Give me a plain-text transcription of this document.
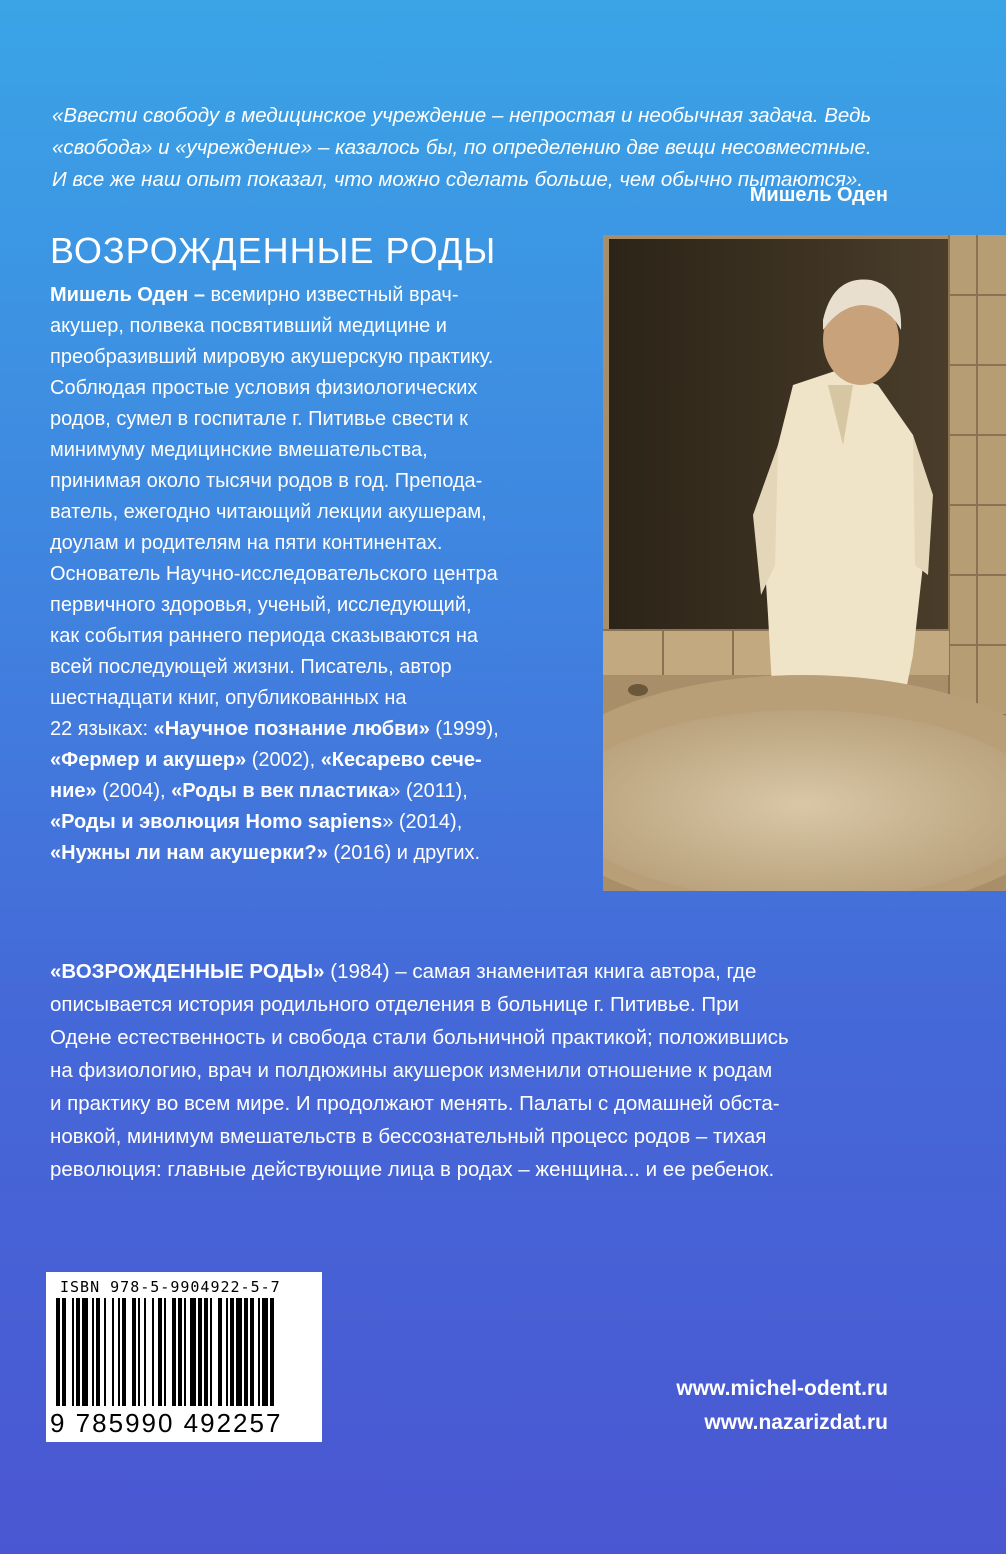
«Ввести свободу в медицинское учреждение – непростая и необычная задача. Ведь
«свобода» и «учреждение» – казалось бы, по определению две вещи несовместные.
И все же наш опыт показал, что можно сделать больше, чем обычно пытаются».
Мишель Оден
ВОЗРОЖДЕННЫЕ РОДЫ
Мишель Оден – всемирно известный врач-
акушер, полвека посвятивший медицине и
преобразивший мировую акушерскую практику.
Соблюдая простые условия физиологических
родов, сумел в госпитале г. Питивье свести к
минимуму медицинские вмешательства,
принимая около тысячи родов в год. Препода-
ватель, ежегодно читающий лекции акушерам,
доулам и родителям на пяти континентах.
Основатель Научно-исследовательского центра
первичного здоровья, ученый, исследующий,
как события раннего периода сказываются на
всей последующей жизни. Писатель, автор
шестнадцати книг, опубликованных на
22 языках: «Научное познание любви» (1999),
«Фермер и акушер» (2002), «Кесарево сече-
ние» (2004), «Роды в век пластика» (2011),
«Роды и эволюция Homo sapiens» (2014),
«Нужны ли нам акушерки?» (2016) и других.
«ВОЗРОЖДЕННЫЕ РОДЫ» (1984) – самая знаменитая книга автора, где
описывается история родильного отделения в больнице г. Питивье. При
Одене естественность и свобода стали больничной практикой; положившись
на физиологию, врач и полдюжины акушерок изменили отношение к родам
и практику во всем мире. И продолжают менять. Палаты с домашней обста-
новкой, минимум вмешательств в бессознательный процесс родов – тихая
революция: главные действующие лица в родах – женщина... и ее ребенок.
ISBN 978-5-9904922-5-7
9 785990 492257
www.michel-odent.ru
www.nazarizdat.ru
